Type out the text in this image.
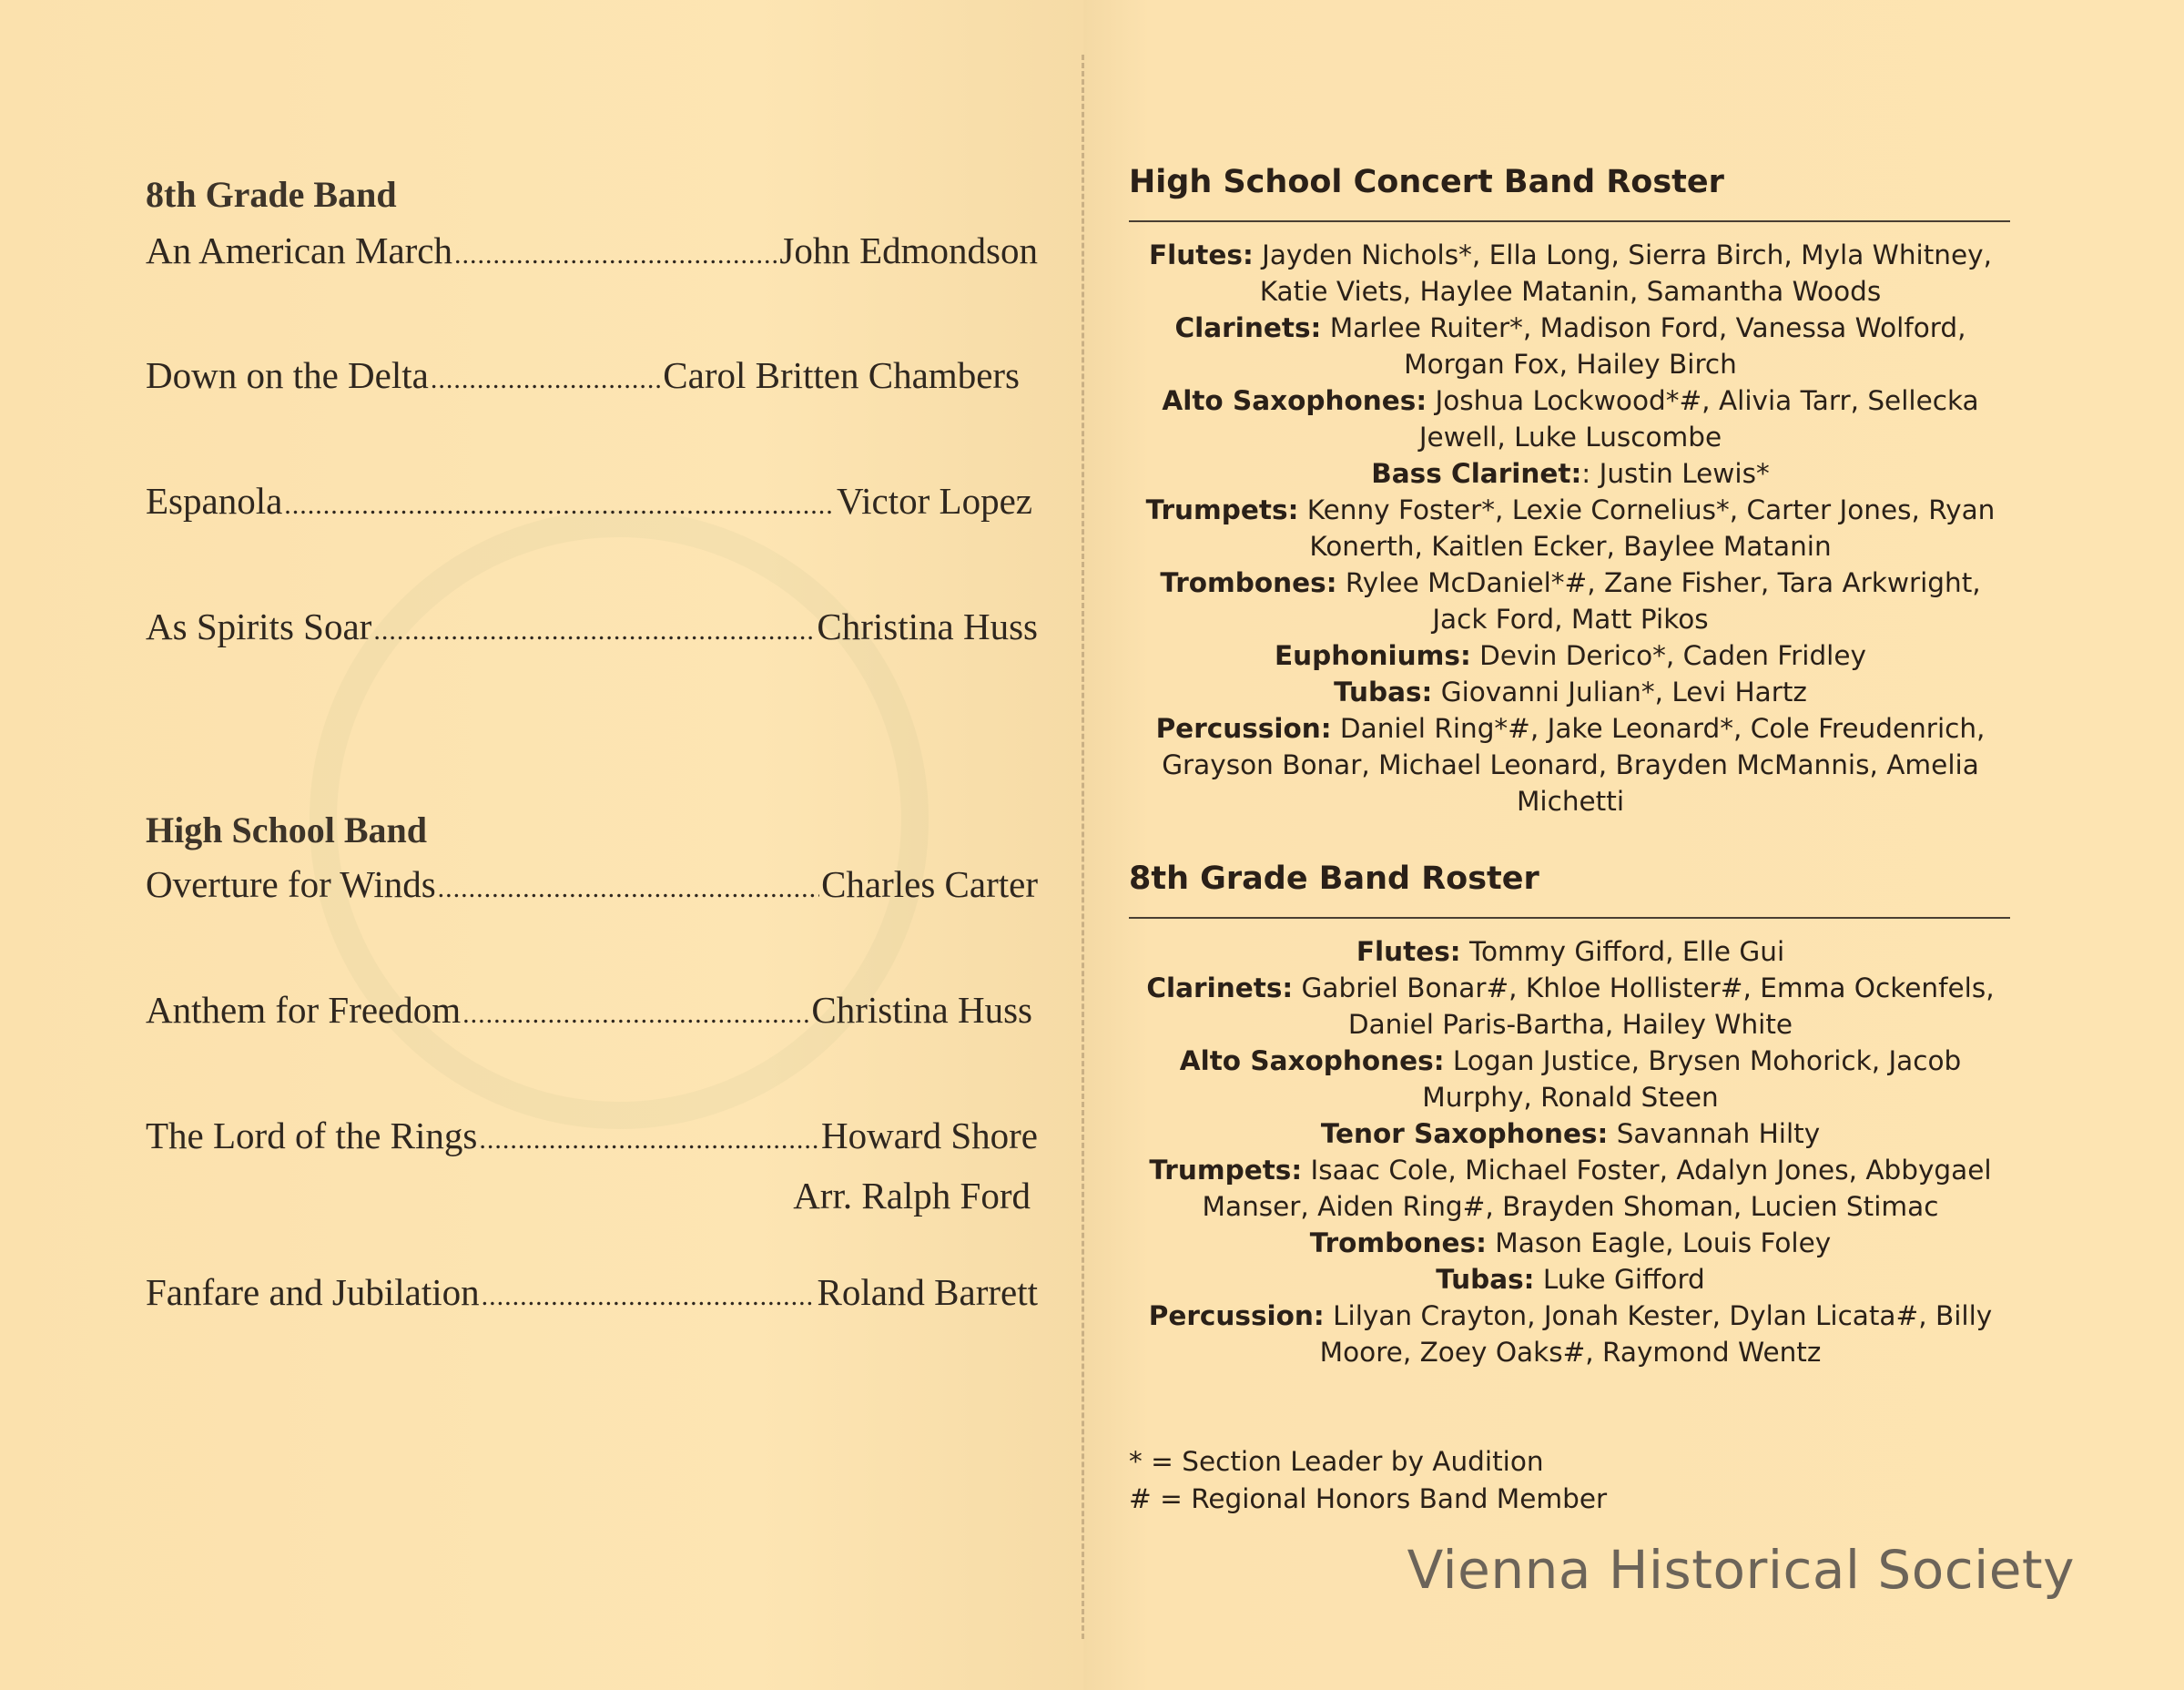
8th Grade Band
An American March .....	John Edmondson
Down on the Delta .....	Carol Britten Chambers
Espanola .....	Victor Lopez
As Spirits Soar .....	Christina Huss
High School Band
Overture for Winds .....	Charles Carter
Anthem for Freedom .....	Christina Huss
The Lord of the Rings .....	Howard Shore
Arr. Ralph Ford
Fanfare and Jubilation .....	Roland Barrett
High School Concert Band Roster
Flutes: Jayden Nichols*, Ella Long, Sierra Birch, Myla Whitney,
Katie Viets, Haylee Matanin, Samantha Woods
Clarinets: Marlee Ruiter*, Madison Ford, Vanessa Wolford,
Morgan Fox, Hailey Birch
Alto Saxophones: Joshua Lockwood*#, Alivia Tarr, Sellecka
Jewell, Luke Luscombe
Bass Clarinet:: Justin Lewis*
Trumpets: Kenny Foster*, Lexie Cornelius*, Carter Jones, Ryan
Konerth, Kaitlen Ecker, Baylee Matanin
Trombones: Rylee McDaniel*#, Zane Fisher, Tara Arkwright,
Jack Ford, Matt Pikos
Euphoniums: Devin Derico*, Caden Fridley
Tubas: Giovanni Julian*, Levi Hartz
Percussion: Daniel Ring*#, Jake Leonard*, Cole Freudenrich,
Grayson Bonar, Michael Leonard, Brayden McMannis, Amelia
Michetti
8th Grade Band Roster
Flutes: Tommy Gifford, Elle Gui
Clarinets: Gabriel Bonar#, Khloe Hollister#, Emma Ockenfels,
Daniel Paris-Bartha, Hailey White
Alto Saxophones: Logan Justice, Brysen Mohorick, Jacob
Murphy, Ronald Steen
Tenor Saxophones: Savannah Hilty
Trumpets: Isaac Cole, Michael Foster, Adalyn Jones, Abbygael
Manser, Aiden Ring#, Brayden Shoman, Lucien Stimac
Trombones: Mason Eagle, Louis Foley
Tubas: Luke Gifford
Percussion: Lilyan Crayton, Jonah Kester, Dylan Licata#, Billy
Moore, Zoey Oaks#, Raymond Wentz
* = Section Leader by Audition
# = Regional Honors Band Member
Vienna Historical Society
